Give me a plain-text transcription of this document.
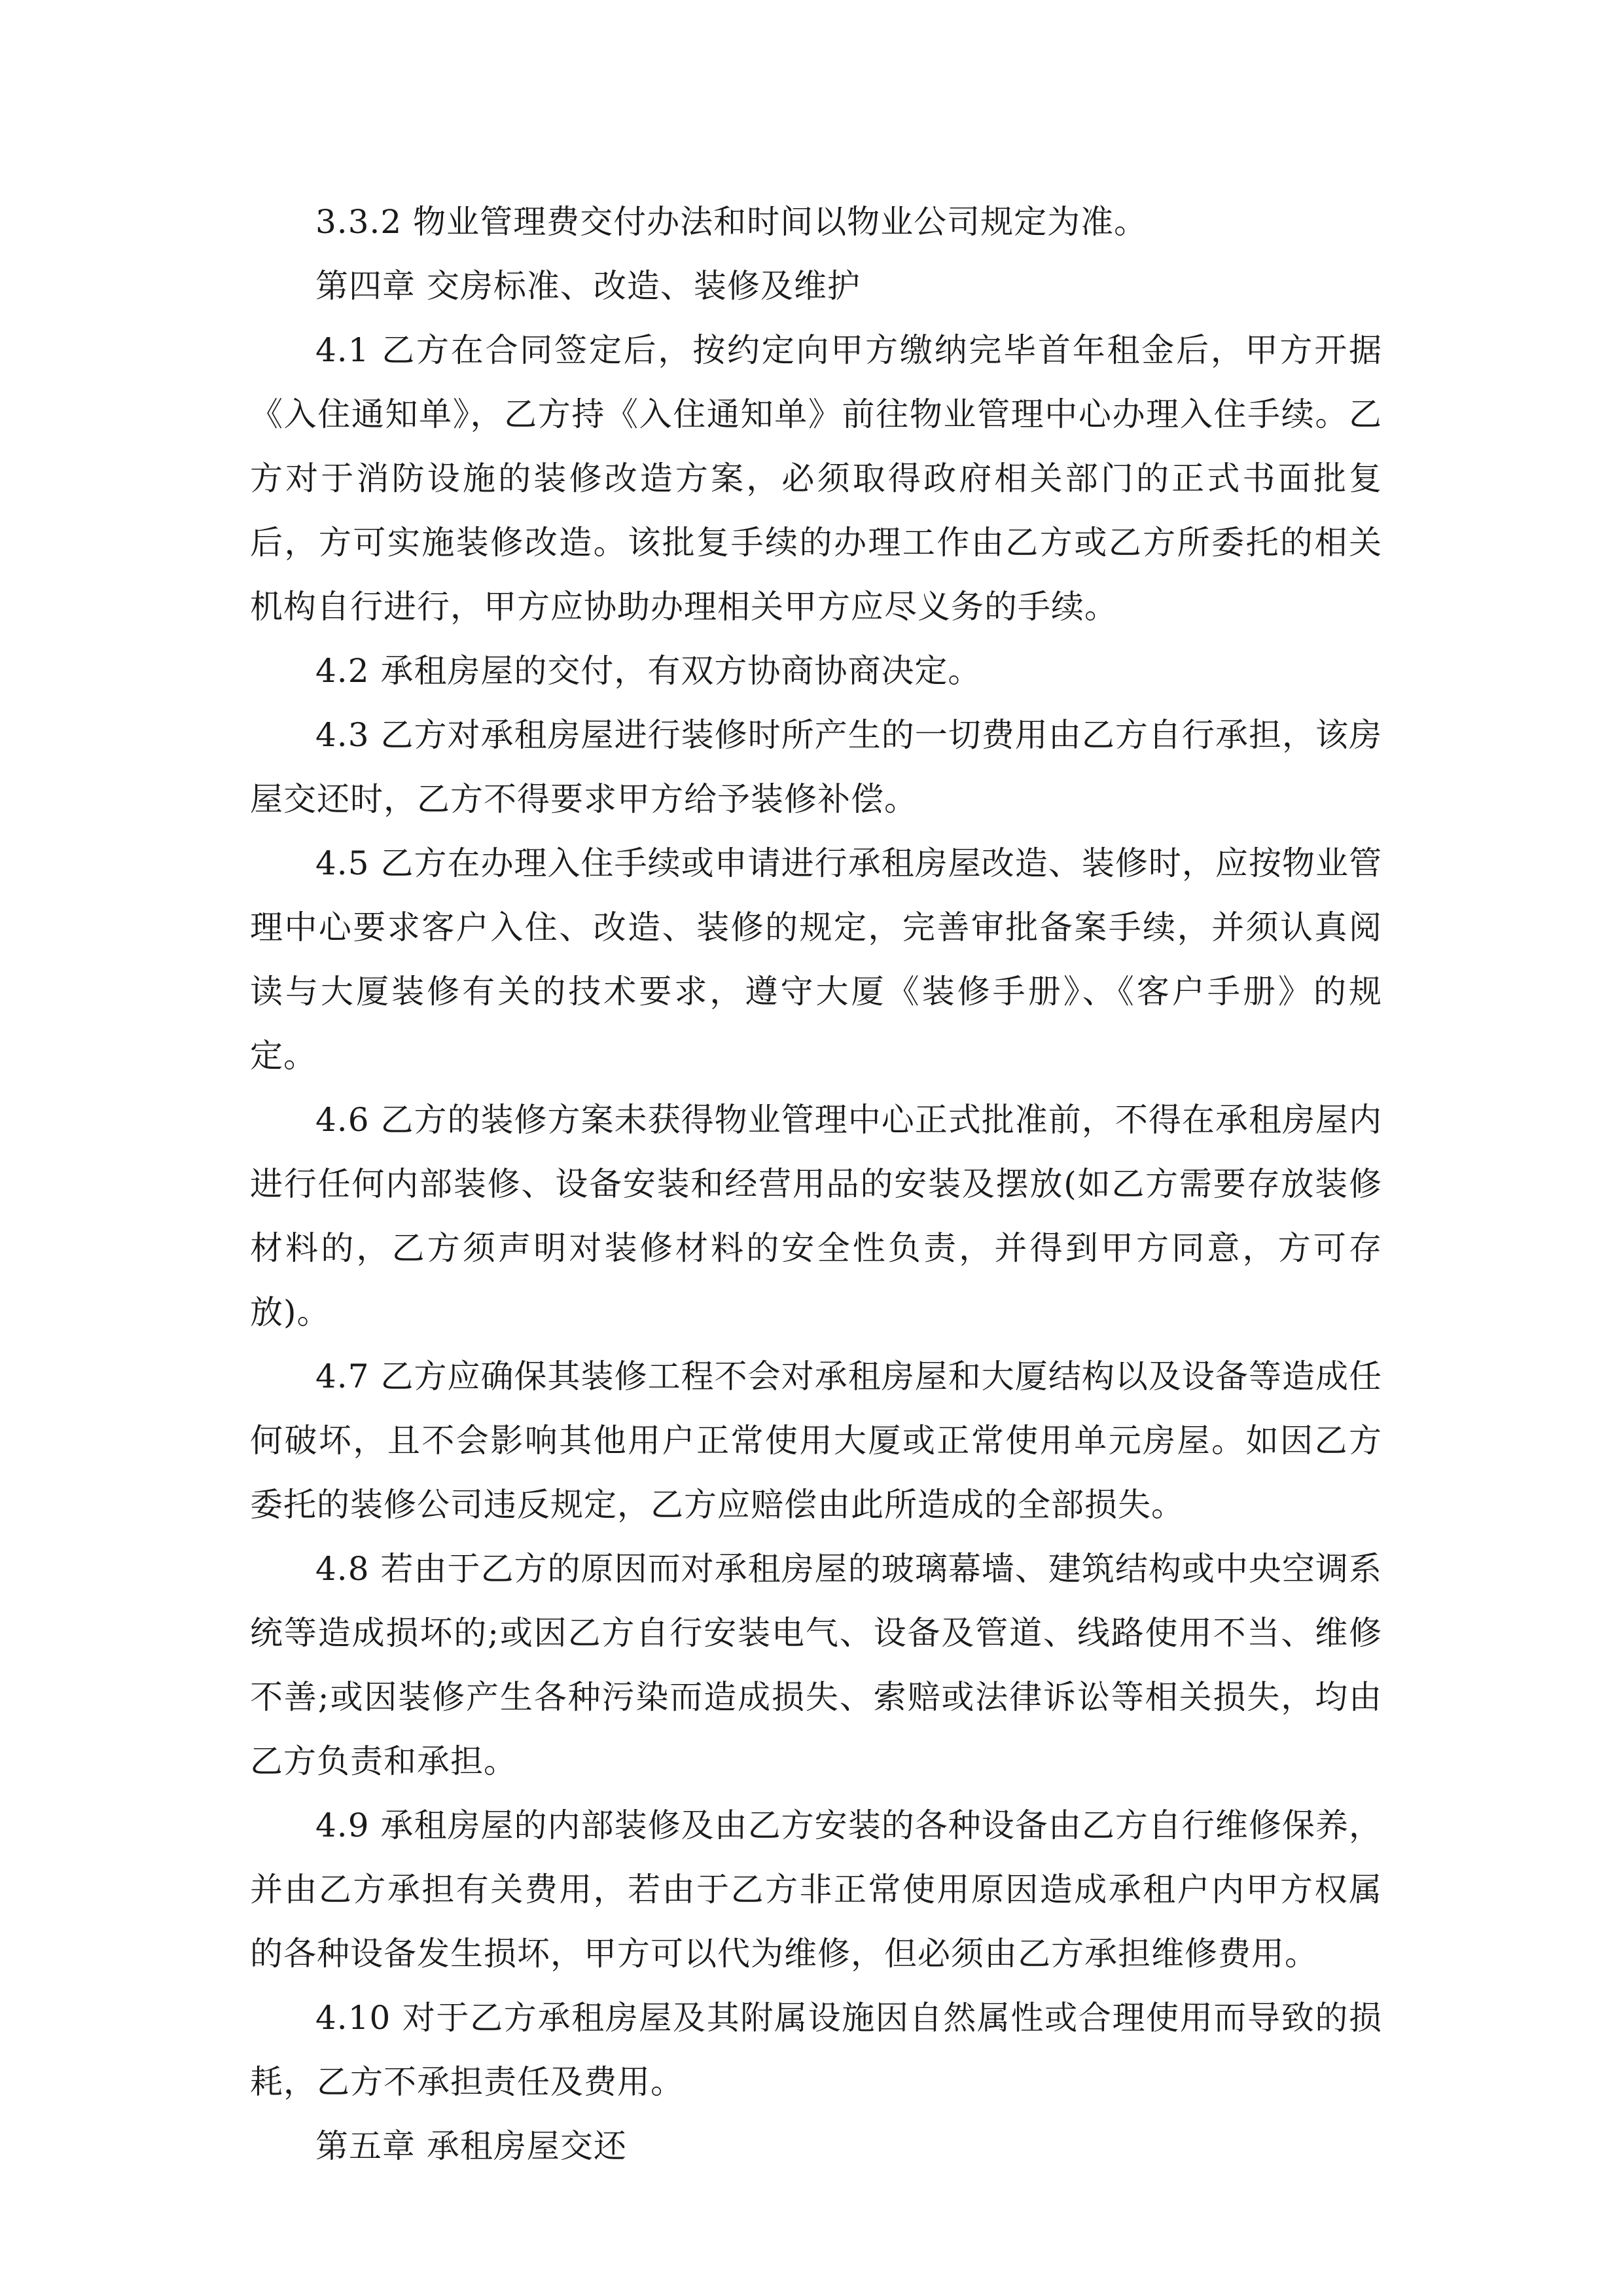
3.3.2 物业管理费交付办法和时间以物业公司规定为准。

第四章 交房标准、改造、装修及维护

4.1 乙方在合同签定后，按约定向甲方缴纳完毕首年租金后，甲方开据《入住通知单》，乙方持《入住通知单》前往物业管理中心办理入住手续。乙方对于消防设施的装修改造方案，必须取得政府相关部门的正式书面批复后，方可实施装修改造。该批复手续的办理工作由乙方或乙方所委托的相关机构自行进行，甲方应协助办理相关甲方应尽义务的手续。

4.2 承租房屋的交付，有双方协商协商决定。

4.3 乙方对承租房屋进行装修时所产生的一切费用由乙方自行承担，该房屋交还时，乙方不得要求甲方给予装修补偿。

4.5 乙方在办理入住手续或申请进行承租房屋改造、装修时，应按物业管理中心要求客户入住、改造、装修的规定，完善审批备案手续，并须认真阅读与大厦装修有关的技术要求，遵守大厦《装修手册》、《客户手册》的规定。

4.6 乙方的装修方案未获得物业管理中心正式批准前，不得在承租房屋内进行任何内部装修、设备安装和经营用品的安装及摆放(如乙方需要存放装修材料的，乙方须声明对装修材料的安全性负责，并得到甲方同意，方可存放)。

4.7 乙方应确保其装修工程不会对承租房屋和大厦结构以及设备等造成任何破坏，且不会影响其他用户正常使用大厦或正常使用单元房屋。如因乙方委托的装修公司违反规定，乙方应赔偿由此所造成的全部损失。

4.8 若由于乙方的原因而对承租房屋的玻璃幕墙、建筑结构或中央空调系统等造成损坏的;或因乙方自行安装电气、设备及管道、线路使用不当、维修不善;或因装修产生各种污染而造成损失、索赔或法律诉讼等相关损失，均由乙方负责和承担。

4.9 承租房屋的内部装修及由乙方安装的各种设备由乙方自行维修保养，并由乙方承担有关费用，若由于乙方非正常使用原因造成承租户内甲方权属的各种设备发生损坏，甲方可以代为维修，但必须由乙方承担维修费用。

4.10 对于乙方承租房屋及其附属设施因自然属性或合理使用而导致的损耗，乙方不承担责任及费用。

第五章 承租房屋交还
